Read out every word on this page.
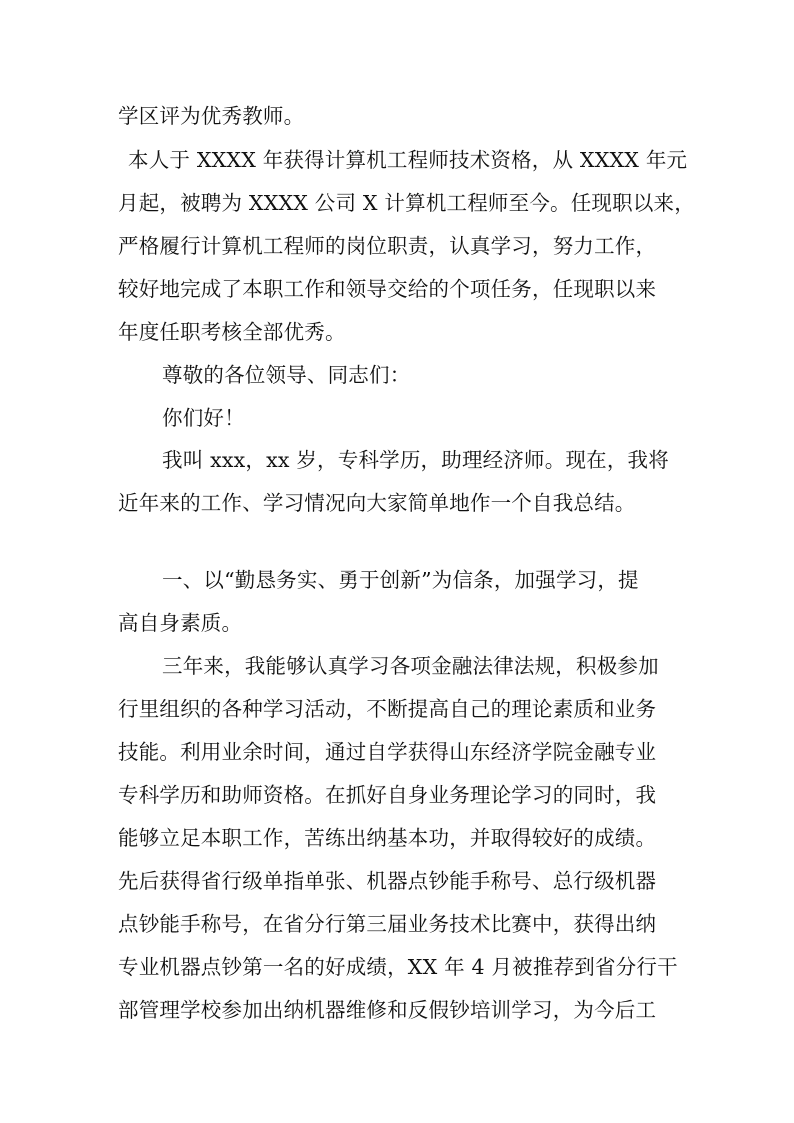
学区评为优秀教师。
本人于 XXXX 年获得计算机工程师技术资格，从 XXXX 年元
月起，被聘为 XXXX 公司 X 计算机工程师至今。任现职以来，
严格履行计算机工程师的岗位职责，认真学习，努力工作，
较好地完成了本职工作和领导交给的个项任务，任现职以来
年度任职考核全部优秀。
尊敬的各位领导、同志们：
你们好！
我叫 xxx，xx 岁，专科学历，助理经济师。现在，我将
近年来的工作、学习情况向大家简单地作一个自我总结。
一、以“勤恳务实、勇于创新”为信条，加强学习，提
高自身素质。
三年来，我能够认真学习各项金融法律法规，积极参加
行里组织的各种学习活动，不断提高自己的理论素质和业务
技能。利用业余时间，通过自学获得山东经济学院金融专业
专科学历和助师资格。在抓好自身业务理论学习的同时，我
能够立足本职工作，苦练出纳基本功，并取得较好的成绩。
先后获得省行级单指单张、机器点钞能手称号、总行级机器
点钞能手称号，在省分行第三届业务技术比赛中，获得出纳
专业机器点钞第一名的好成绩，XX 年 4 月被推荐到省分行干
部管理学校参加出纳机器维修和反假钞培训学习，为今后工
